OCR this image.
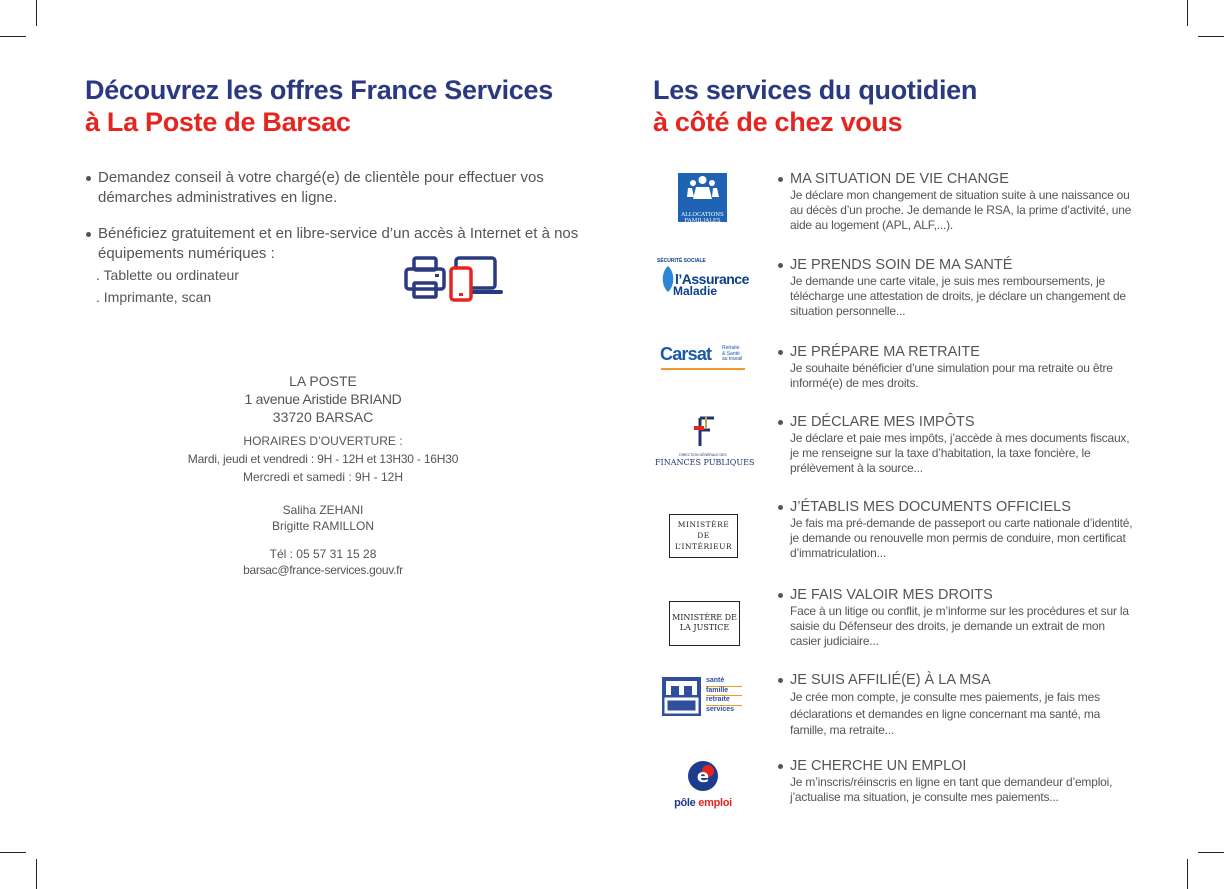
Découvrez les offres France Services
à La Poste de Barsac
Demandez conseil à votre chargé(e) de clientèle pour effectuer vos démarches administratives en ligne.
Bénéficiez gratuitement et en libre-service d’un accès à Internet et à nos équipements numériques :
. Tablette ou ordinateur
. Imprimante, scan
LA POSTE
1 avenue Aristide BRIAND
33720 BARSAC
HORAIRES D’OUVERTURE :
Mardi, jeudi et vendredi : 9H - 12H et 13H30 - 16H30
Mercredi et samedi : 9H - 12H
Saliha ZEHANI
Brigitte RAMILLON
Tél : 05 57 31 15 28
barsac@france-services.gouv.fr
Les services du quotidien
à côté de chez vous
ALLOCATIONS
FAMILIALES
MA SITUATION DE VIE CHANGE
Je déclare mon changement de situation suite à une naissance ou au décès d’un proche. Je demande le RSA, la prime d’activité, une aide au logement (APL, ALF,...).
SÉCURITÉ SOCIALE
l’Assurance
Maladie
JE PRENDS SOIN DE MA SANTÉ
Je demande une carte vitale, je suis mes remboursements, je télécharge une attestation de droits, je déclare un changement de situation personnelle...
Carsat Retraite
& Santé
au travail	JE PRÉPARE MA RETRAITE
Je souhaite bénéficier d’une simulation pour ma retraite ou être informé(e) de mes droits.
DIRECTION GÉNÉRALE DES
FINANCES PUBLIQUES
JE DÉCLARE MES IMPÔTS
Je déclare et paie mes impôts, j’accède à mes documents fiscaux, je me renseigne sur la taxe d’habitation, la taxe foncière, le prélèvement à la source...
MINISTÈRE
DE
L’INTÉRIEUR
J’ÉTABLIS MES DOCUMENTS OFFICIELS
Je fais ma pré-demande de passeport ou carte nationale d’identité, je demande ou renouvelle mon permis de conduire, mon certificat d’immatriculation...
MINISTÈRE DE
LA JUSTICE
JE FAIS VALOIR MES DROITS
Face à un litige ou conflit, je m’informe sur les procédures et sur la saisie du Défenseur des droits, je demande un extrait de mon casier judiciaire...
santé
famille
retraite
services
JE SUIS AFFILIÉ(E) À LA MSA
Je crée mon compte, je consulte mes paiements, je fais mes déclarations et demandes en ligne concernant ma santé, ma famille, ma retraite...
e
pôle emploi
JE CHERCHE UN EMPLOI
Je m’inscris/réinscris en ligne en tant que demandeur d’emploi, j’actualise ma situation, je consulte mes paiements...
